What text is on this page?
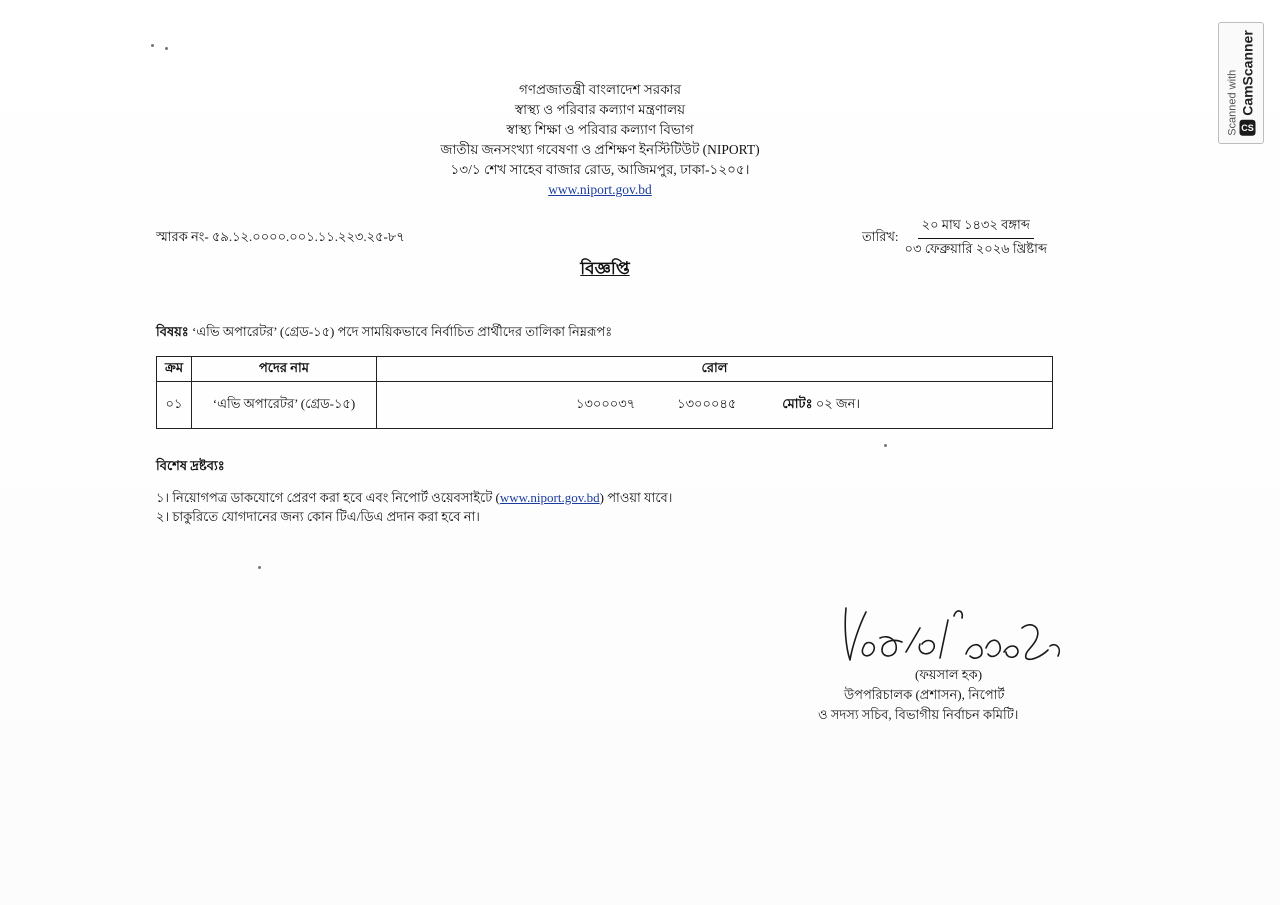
Scanned with CS
CamScanner
গণপ্রজাতন্ত্রী বাংলাদেশ সরকার
স্বাস্থ্য ও পরিবার কল্যাণ মন্ত্রণালয়
স্বাস্থ্য শিক্ষা ও পরিবার কল্যাণ বিভাগ
জাতীয় জনসংখ্যা গবেষণা ও প্রশিক্ষণ ইনস্টিটিউট (NIPORT)
১৩/১ শেখ সাহেব বাজার রোড, আজিমপুর, ঢাকা-১২০৫।
www.niport.gov.bd
স্মারক নং- ৫৯.১২.০০০০.০০১.১১.২২৩.২৫-৮৭	তারিখ: $\frac{\text{২০ মাঘ ১৪৩২ বঙ্গাব্দ}}{\text{০৩ ফেব্রুয়ারি ২০২৬ খ্রিষ্টাব্দ}}$
বিজ্ঞপ্তি
বিষয়ঃ ‘এভি অপারেটর’ (গ্রেড-১৫) পদে সাময়িকভাবে নির্বাচিত প্রার্থীদের তালিকা নিম্নরূপঃ
ক্রম	পদের নাম	রোল
০১	‘এভি অপারেটর’ (গ্রেড-১৫)	১৩০০০৩৭ ১৩০০০৪৫ মোটঃ ০২ জন।
বিশেষ দ্রষ্টব্যঃ
১। নিয়োগপত্র ডাকযোগে প্রেরণ করা হবে এবং নিপোর্ট ওয়েবসাইটে (www.niport.gov.bd) পাওয়া যাবে।
২। চাকুরিতে যোগদানের জন্য কোন টিএ/ডিএ প্রদান করা হবে না।
(ফয়সাল হক)
উপপরিচালক (প্রশাসন), নিপোর্ট
ও সদস্য সচিব, বিভাগীয় নির্বাচন কমিটি।
